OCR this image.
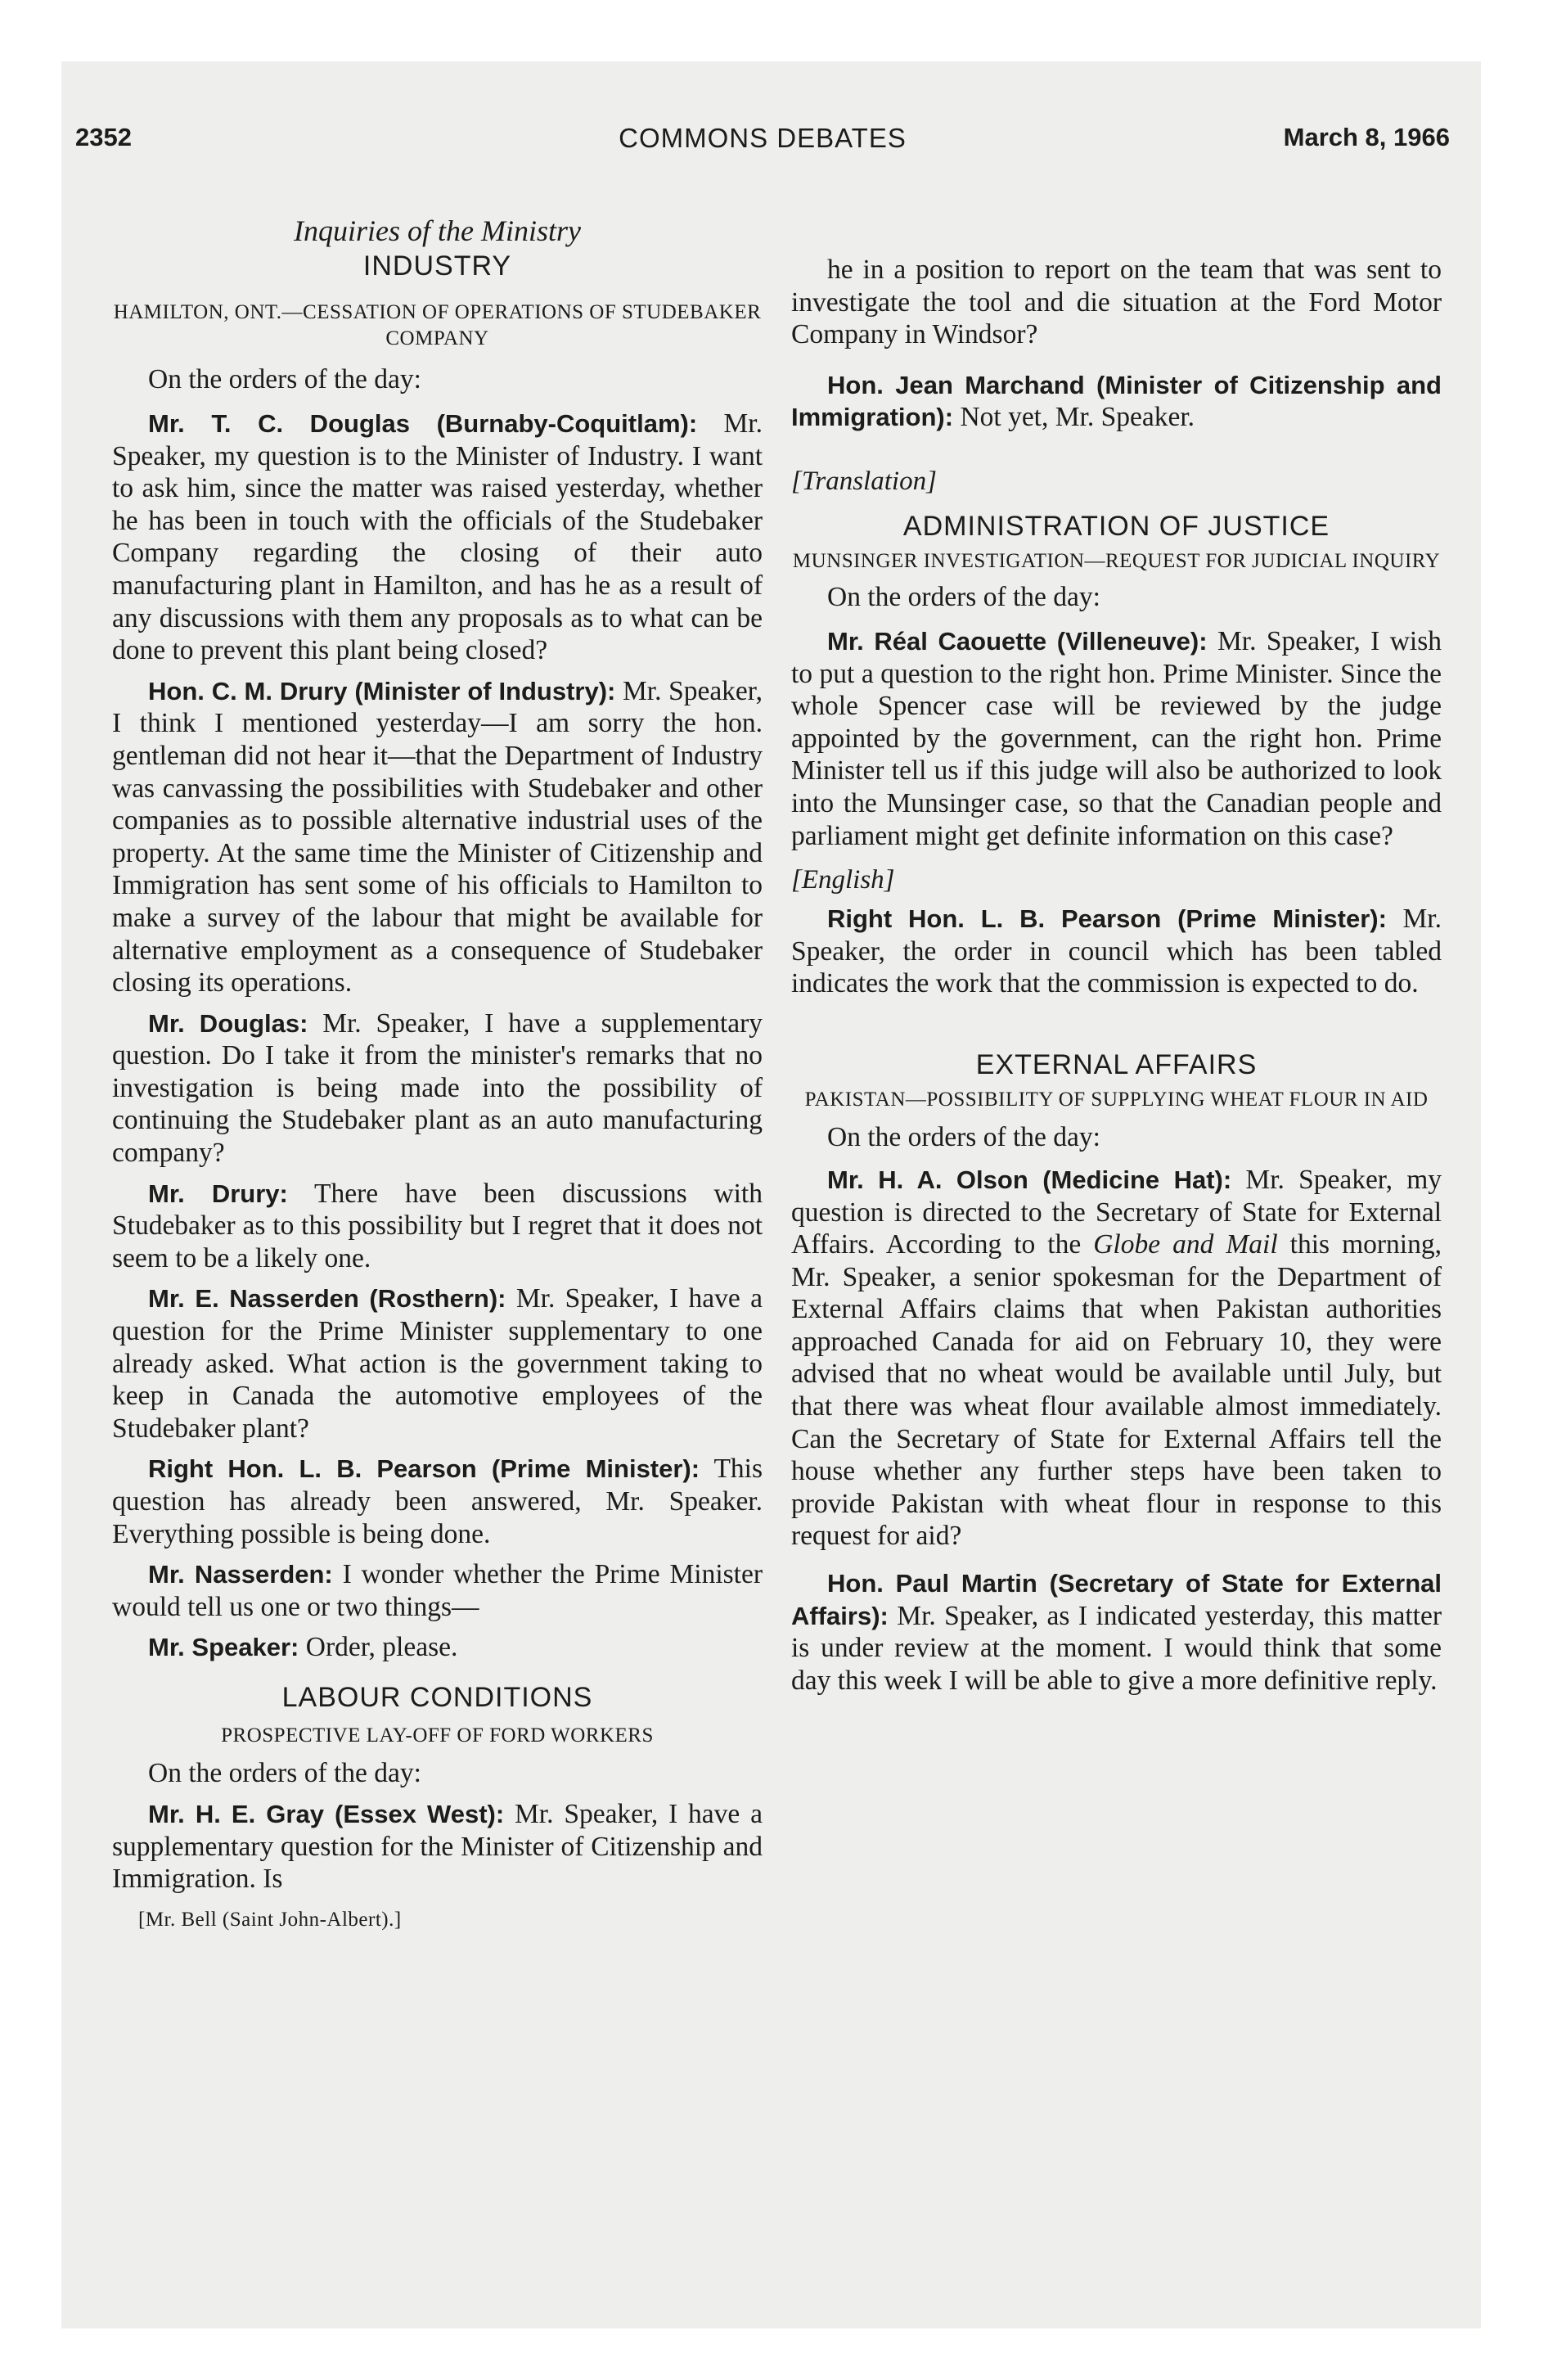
2352	COMMONS DEBATES	March 8, 1966
Inquiries of the Ministry
INDUSTRY
HAMILTON, ONT.—CESSATION OF OPERATIONS OF STUDEBAKER COMPANY

On the orders of the day:

Mr. T. C. Douglas (Burnaby-Coquitlam): Mr. Speaker, my question is to the Minister of Industry. I want to ask him, since the matter was raised yesterday, whether he has been in touch with the officials of the Studebaker Company regarding the closing of their auto manufacturing plant in Hamilton, and has he as a result of any discussions with them any proposals as to what can be done to prevent this plant being closed?

Hon. C. M. Drury (Minister of Industry): Mr. Speaker, I think I mentioned yesterday—I am sorry the hon. gentleman did not hear it—that the Department of Industry was canvassing the possibilities with Studebaker and other companies as to possible alternative industrial uses of the property. At the same time the Minister of Citizenship and Immigration has sent some of his officials to Hamilton to make a survey of the labour that might be available for alternative employment as a consequence of Studebaker closing its operations.

Mr. Douglas: Mr. Speaker, I have a supplementary question. Do I take it from the minister's remarks that no investigation is being made into the possibility of continuing the Studebaker plant as an auto manufacturing company?

Mr. Drury: There have been discussions with Studebaker as to this possibility but I regret that it does not seem to be a likely one.

Mr. E. Nasserden (Rosthern): Mr. Speaker, I have a question for the Prime Minister supplementary to one already asked. What action is the government taking to keep in Canada the automotive employees of the Studebaker plant?

Right Hon. L. B. Pearson (Prime Minister): This question has already been answered, Mr. Speaker. Everything possible is being done.

Mr. Nasserden: I wonder whether the Prime Minister would tell us one or two things—

Mr. Speaker: Order, please.

LABOUR CONDITIONS
PROSPECTIVE LAY-OFF OF FORD WORKERS

On the orders of the day:

Mr. H. E. Gray (Essex West): Mr. Speaker, I have a supplementary question for the Minister of Citizenship and Immigration. Is

[Mr. Bell (Saint John-Albert).]

he in a position to report on the team that was sent to investigate the tool and die situation at the Ford Motor Company in Windsor?

Hon. Jean Marchand (Minister of Citizenship and Immigration): Not yet, Mr. Speaker.

[Translation]

ADMINISTRATION OF JUSTICE
MUNSINGER INVESTIGATION—REQUEST FOR JUDICIAL INQUIRY

On the orders of the day:

Mr. Réal Caouette (Villeneuve): Mr. Speaker, I wish to put a question to the right hon. Prime Minister. Since the whole Spencer case will be reviewed by the judge appointed by the government, can the right hon. Prime Minister tell us if this judge will also be authorized to look into the Munsinger case, so that the Canadian people and parliament might get definite information on this case?

[English]

Right Hon. L. B. Pearson (Prime Minister): Mr. Speaker, the order in council which has been tabled indicates the work that the commission is expected to do.

EXTERNAL AFFAIRS
PAKISTAN—POSSIBILITY OF SUPPLYING WHEAT FLOUR IN AID

On the orders of the day:

Mr. H. A. Olson (Medicine Hat): Mr. Speaker, my question is directed to the Secretary of State for External Affairs. According to the Globe and Mail this morning, Mr. Speaker, a senior spokesman for the Department of External Affairs claims that when Pakistan authorities approached Canada for aid on February 10, they were advised that no wheat would be available until July, but that there was wheat flour available almost immediately. Can the Secretary of State for External Affairs tell the house whether any further steps have been taken to provide Pakistan with wheat flour in response to this request for aid?

Hon. Paul Martin (Secretary of State for External Affairs): Mr. Speaker, as I indicated yesterday, this matter is under review at the moment. I would think that some day this week I will be able to give a more definitive reply.
